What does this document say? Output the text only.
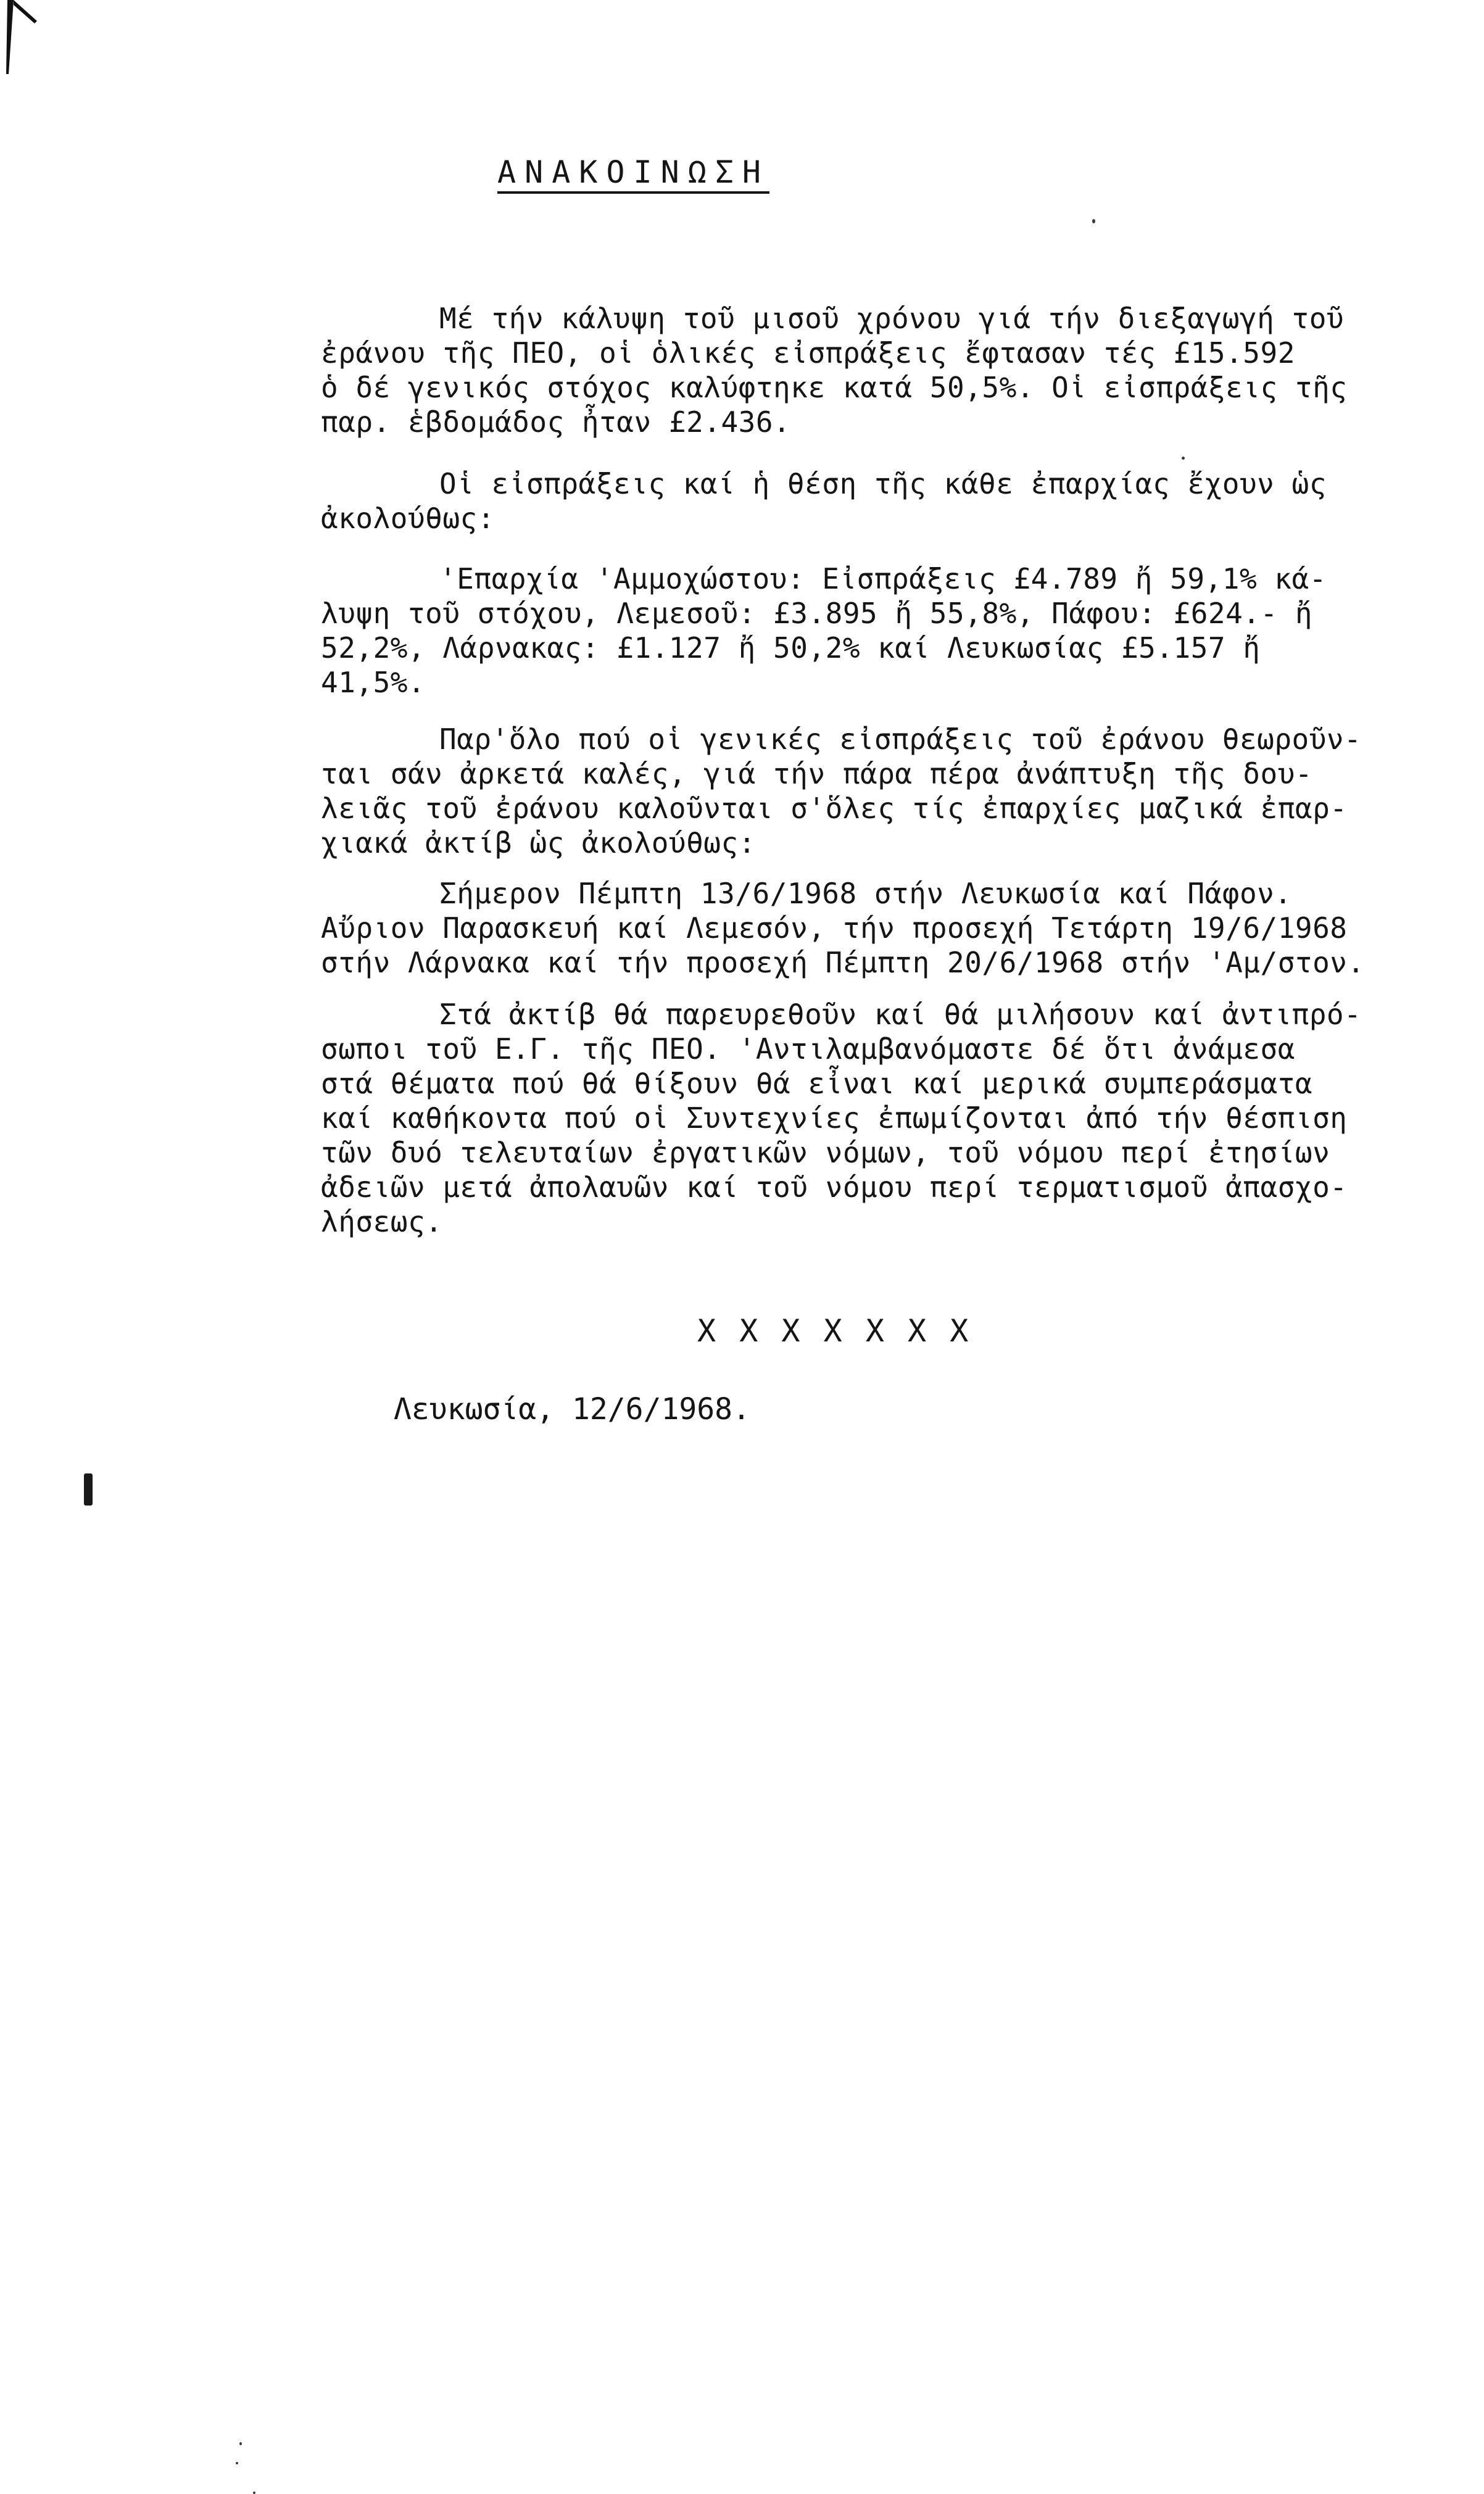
ΑΝΑΚΟΙΝΩΣΗ
Μέ τήν κάλυψη τοῦ μισοῦ χρόνου γιά τήν διεξαγωγή τοῦ
ἐράνου τῆς ΠΕΟ, οἱ ὁλικές εἰσπράξεις ἔφτασαν τές £15.592
ὁ δέ γενικός στόχος καλύφτηκε κατά 50,5%. Οἱ εἰσπράξεις τῆς
παρ. ἑβδομάδος ἦταν £2.436.
Οἱ εἰσπράξεις καί ἡ θέση τῆς κάθε ἐπαρχίας ἔχουν ὡς
ἀκολούθως:
'Επαρχία 'Αμμοχώστου: Εἰσπράξεις £4.789 ἤ 59,1% κά-
λυψη τοῦ στόχου, Λεμεσοῦ: £3.895 ἤ 55,8%, Πάφου: £624.- ἤ
52,2%, Λάρνακας: £1.127 ἤ 50,2% καί Λευκωσίας £5.157 ἤ
41,5%.
Παρ'ὅλο πού οἱ γενικές εἰσπράξεις τοῦ ἐράνου θεωροῦν-
ται σάν ἀρκετά καλές, γιά τήν πάρα πέρα ἀνάπτυξη τῆς δου-
λειᾶς τοῦ ἐράνου καλοῦνται σ'ὅλες τίς ἐπαρχίες μαζικά ἐπαρ-
χιακά ἀκτίβ ὡς ἀκολούθως:
Σήμερον Πέμπτη 13/6/1968 στήν Λευκωσία καί Πάφον.
Αὔριον Παρασκευή καί Λεμεσόν, τήν προσεχή Τετάρτη 19/6/1968
στήν Λάρνακα καί τήν προσεχή Πέμπτη 20/6/1968 στήν 'Αμ/στον.
Στά ἀκτίβ θά παρευρεθοῦν καί θά μιλήσουν καί ἀντιπρό-
σωποι τοῦ Ε.Γ. τῆς ΠΕΟ. 'Αντιλαμβανόμαστε δέ ὅτι ἀνάμεσα
στά θέματα πού θά θίξουν θά εἶναι καί μερικά συμπεράσματα
καί καθήκοντα πού οἱ Συντεχνίες ἐπωμίζονται ἀπό τήν θέσπιση
τῶν δυό τελευταίων ἐργατικῶν νόμων, τοῦ νόμου περί ἐτησίων
ἀδειῶν μετά ἀπολαυῶν καί τοῦ νόμου περί τερματισμοῦ ἀπασχο-
λήσεως.
X X X X X X X
Λευκωσία, 12/6/1968.
